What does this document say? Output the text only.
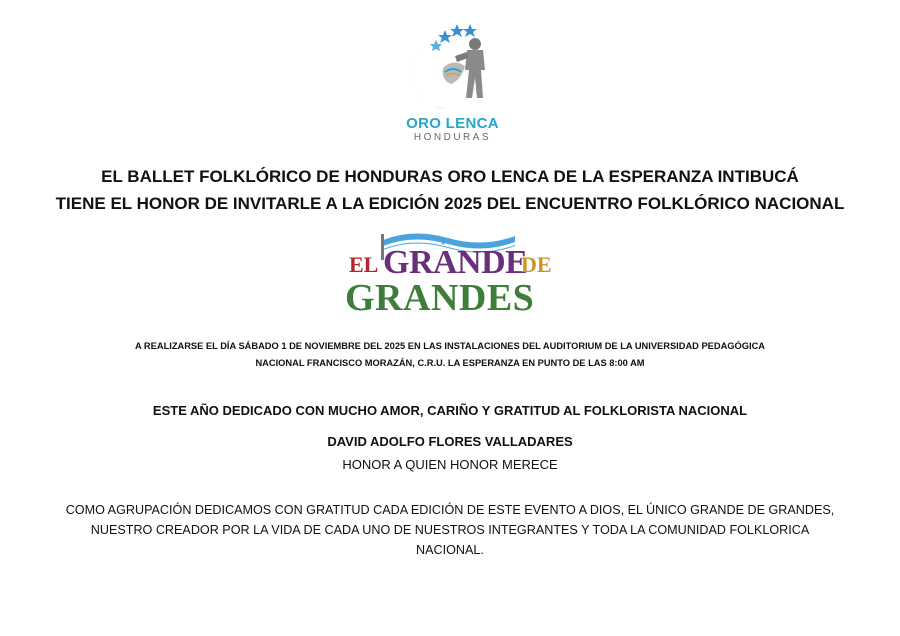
ORO LENCA
HONDURAS
EL BALLET FOLKLÓRICO DE HONDURAS ORO LENCA DE LA ESPERANZA INTIBUCÁ
TIENE EL HONOR DE INVITARLE A LA EDICIÓN 2025 DEL ENCUENTRO FOLKLÓRICO NACIONAL
EL GRANDE
DE
GRANDES
A REALIZARSE EL DÍA SÁBADO 1 DE NOVIEMBRE DEL 2025 EN LAS INSTALACIONES DEL AUDITORIUM DE LA UNIVERSIDAD PEDAGÓGICA
NACIONAL FRANCISCO MORAZÁN, C.R.U. LA ESPERANZA EN PUNTO DE LAS 8:00 AM
ESTE AÑO DEDICADO CON MUCHO AMOR, CARIÑO Y GRATITUD AL FOLKLORISTA NACIONAL
DAVID ADOLFO FLORES VALLADARES
HONOR A QUIEN HONOR MERECE
COMO AGRUPACIÓN DEDICAMOS CON GRATITUD CADA EDICIÓN DE ESTE EVENTO A DIOS, EL ÚNICO GRANDE DE GRANDES,
NUESTRO CREADOR POR LA VIDA DE CADA UNO DE NUESTROS INTEGRANTES Y TODA LA COMUNIDAD FOLKLORICA
NACIONAL.
